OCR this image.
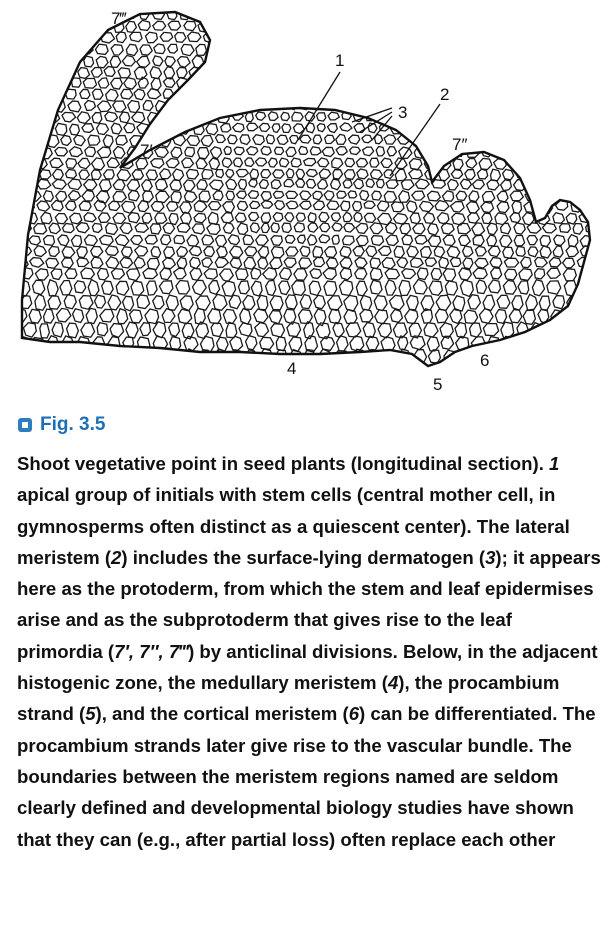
7‴
1
2
3
7′	7″
4	6
5
Fig. 3.5
Shoot vegetative point in seed plants (longitudinal section). 1 apical group of initials with stem cells (central mother cell, in gymnosperms often distinct as a quiescent center). The lateral meristem (2) includes the surface-lying dermatogen (3); it appears here as the protoderm, from which the stem and leaf epidermises arise and as the subprotoderm that gives rise to the leaf primordia (7′, 7″, 7‴) by anticlinal divisions. Below, in the adjacent histogenic zone, the medullary meristem (4), the procambium strand (5), and the cortical meristem (6) can be differentiated. The procambium strands later give rise to the vascular bundle. The boundaries between the meristem regions named are seldom clearly defined and developmental biology studies have shown that they can (e.g., after partial loss) often replace each other
